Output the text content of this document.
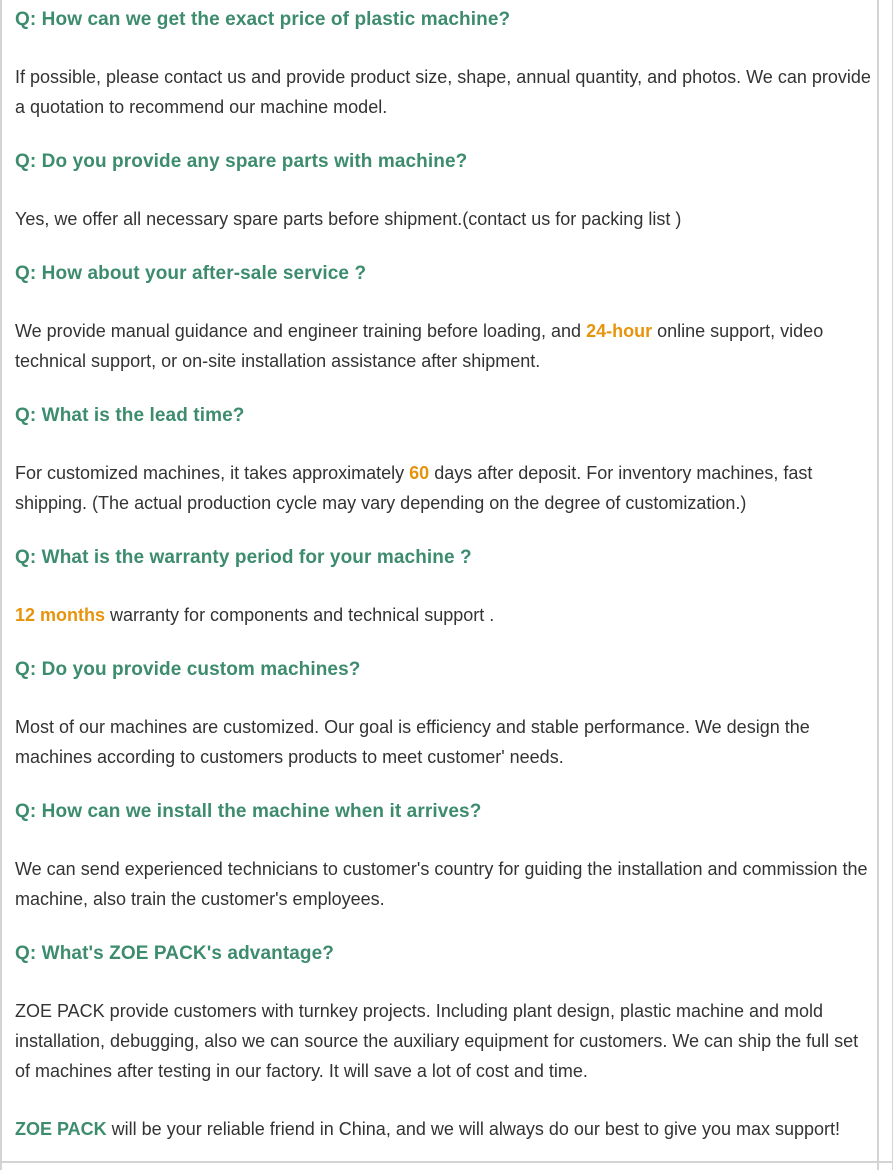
Q: How can we get the exact price of plastic machine?

If possible, please contact us and provide product size, shape, annual quantity, and photos. We can provide a quotation to recommend our machine model.

Q: Do you provide any spare parts with machine?

Yes, we offer all necessary spare parts before shipment.(contact us for packing list )

Q: How about your after-sale service ?

We provide manual guidance and engineer training before loading, and 24-hour online support, video technical support, or on-site installation assistance after shipment.

Q: What is the lead time?

For customized machines, it takes approximately 60 days after deposit. For inventory machines, fast shipping. (The actual production cycle may vary depending on the degree of customization.)

Q: What is the warranty period for your machine ?

12 months warranty for components and technical support .

Q: Do you provide custom machines?

Most of our machines are customized. Our goal is efficiency and stable performance. We design the machines according to customers products to meet customer' needs.

Q: How can we install the machine when it arrives?

We can send experienced technicians to customer's country for guiding the installation and commission the machine, also train the customer's employees.

Q: What's ZOE PACK's advantage?

ZOE PACK provide customers with turnkey projects. Including plant design, plastic machine and mold installation, debugging, also we can source the auxiliary equipment for customers. We can ship the full set of machines after testing in our factory. It will save a lot of cost and time.

ZOE PACK will be your reliable friend in China, and we will always do our best to give you max support!
